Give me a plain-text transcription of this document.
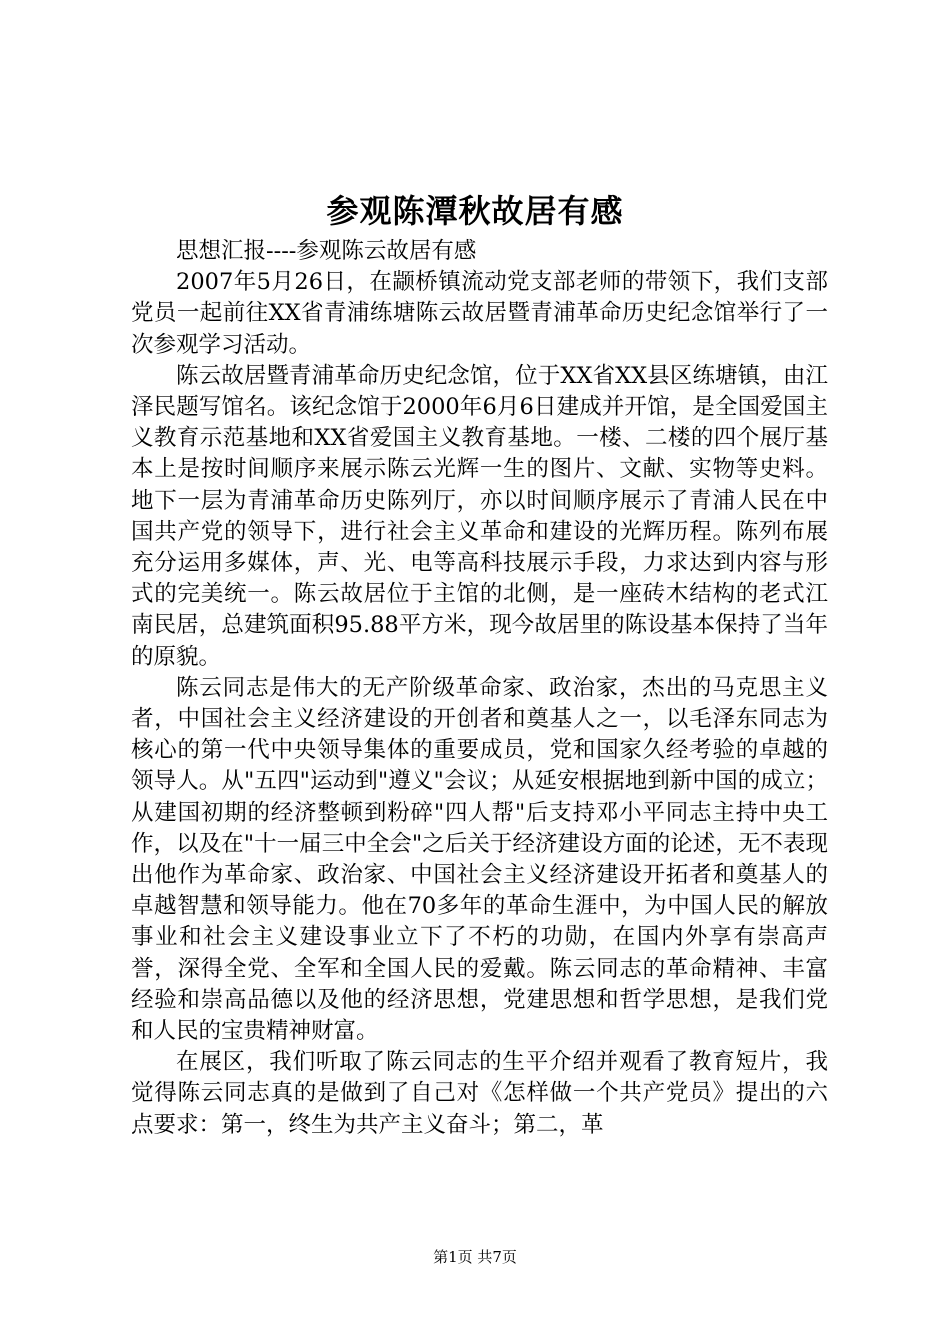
参观陈潭秋故居有感

思想汇报----参观陈云故居有感

2007年5月26日，在颛桥镇流动党支部老师的带领下，我们支部党员一起前往XX省青浦练塘陈云故居暨青浦革命历史纪念馆举行了一次参观学习活动。

陈云故居暨青浦革命历史纪念馆，位于XX省XX县区练塘镇，由江泽民题写馆名。该纪念馆于2000年6月6日建成并开馆，是全国爱国主义教育示范基地和XX省爱国主义教育基地。一楼、二楼的四个展厅基本上是按时间顺序来展示陈云光辉一生的图片、文献、实物等史料。地下一层为青浦革命历史陈列厅，亦以时间顺序展示了青浦人民在中国共产党的领导下，进行社会主义革命和建设的光辉历程。陈列布展充分运用多媒体，声、光、电等高科技展示手段，力求达到内容与形式的完美统一。陈云故居位于主馆的北侧，是一座砖木结构的老式江南民居，总建筑面积95.88平方米，现今故居里的陈设基本保持了当年的原貌。

陈云同志是伟大的无产阶级革命家、政治家，杰出的马克思主义者，中国社会主义经济建设的开创者和奠基人之一，以毛泽东同志为核心的第一代中央领导集体的重要成员，党和国家久经考验的卓越的领导人。从"五四"运动到"遵义"会议；从延安根据地到新中国的成立；从建国初期的经济整顿到粉碎"四人帮"后支持邓小平同志主持中央工作，以及在"十一届三中全会"之后关于经济建设方面的论述，无不表现出他作为革命家、政治家、中国社会主义经济建设开拓者和奠基人的卓越智慧和领导能力。他在70多年的革命生涯中，为中国人民的解放事业和社会主义建设事业立下了不朽的功勋，在国内外享有崇高声誉，深得全党、全军和全国人民的爱戴。陈云同志的革命精神、丰富经验和崇高品德以及他的经济思想，党建思想和哲学思想，是我们党和人民的宝贵精神财富。

在展区，我们听取了陈云同志的生平介绍并观看了教育短片，我觉得陈云同志真的是做到了自己对《怎样做一个共产党员》提出的六点要求：第一，终生为共产主义奋斗；第二，革

第1页 共7页
